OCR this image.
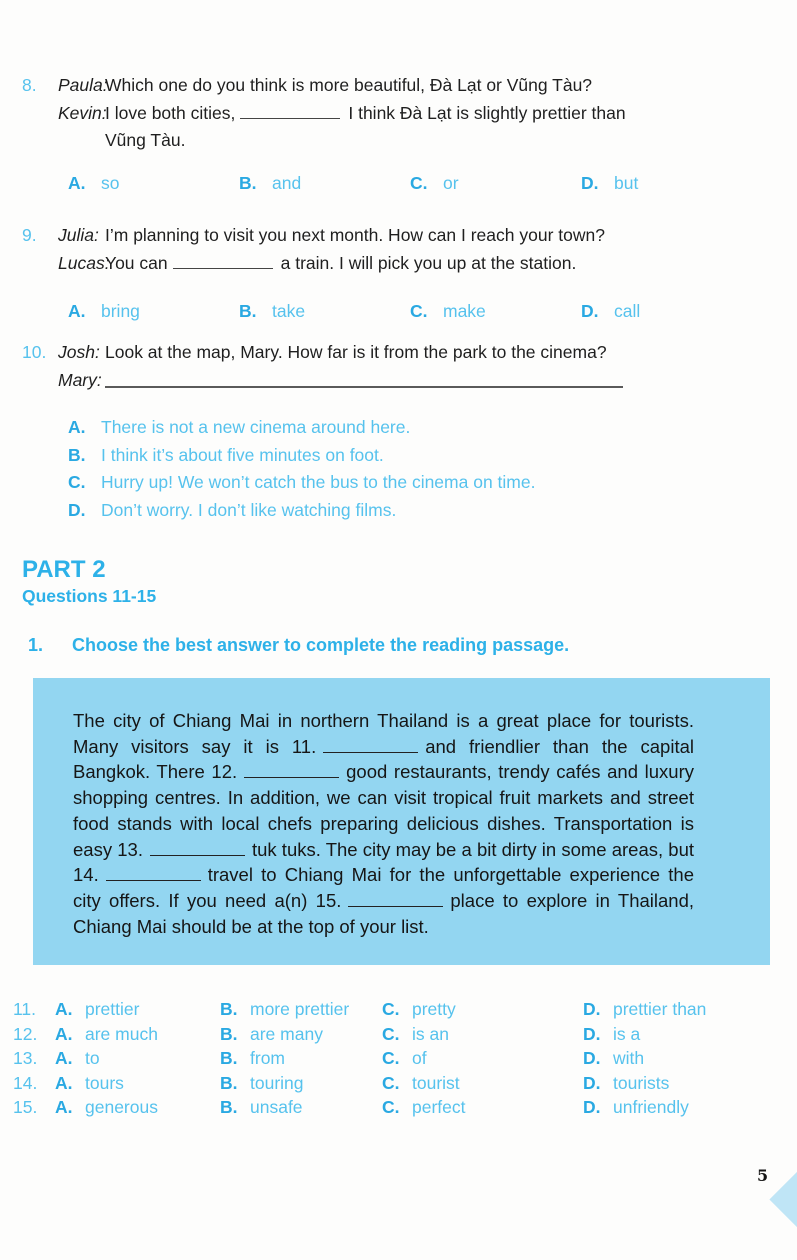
8.	Paula:
Which one do you think is more beautiful, Đà Lạt or Vũng Tàu?
Kevin:
I love both cities,	I think Đà Lạt is slightly prettier than
Vũng Tàu.
A. so	B. and	C. or	D. but
9.	Julia: I’m planning to visit you next month. How can I reach your town?
Lucas:
You can	a train. I will pick you up at the station.
A. bring	B. take	C. make	D. call
10. Josh: Look at the map, Mary. How far is it from the park to the cinema?
Mary:
A. There is not a new cinema around here.
B. I think it’s about five minutes on foot.
C. Hurry up! We won’t catch the bus to the cinema on time.
D. Don’t worry. I don’t like watching films.
PART 2
Questions 11-15
1.	Choose the best answer to complete the reading passage.

The city of Chiang Mai in northern Thailand is a great place for tourists. Many visitors say it is 11.	and friendlier than the capital Bangkok. There 12.	good restaurants, trendy cafés and luxury shopping centres. In addition, we can visit tropical fruit markets and street food stands with local chefs preparing delicious dishes. Transportation is easy 13.	tuk tuks. The city may be a bit dirty in some areas, but 14.	travel to Chiang Mai for the unforgettable experience the city offers. If you need a(n) 15.	place to explore in Thailand, Chiang Mai should be at the top of your list.

11.	A. prettier	B. more prettier C. pretty	D. prettier than
12.	A. are much	B. are many	C. is an	D. is a
13.	A. to	B. from	C. of	D. with
14.	A. tours	B. touring	C. tourist	D. tourists
15.	A. generous	B. unsafe	C. perfect	D. unfriendly
5
